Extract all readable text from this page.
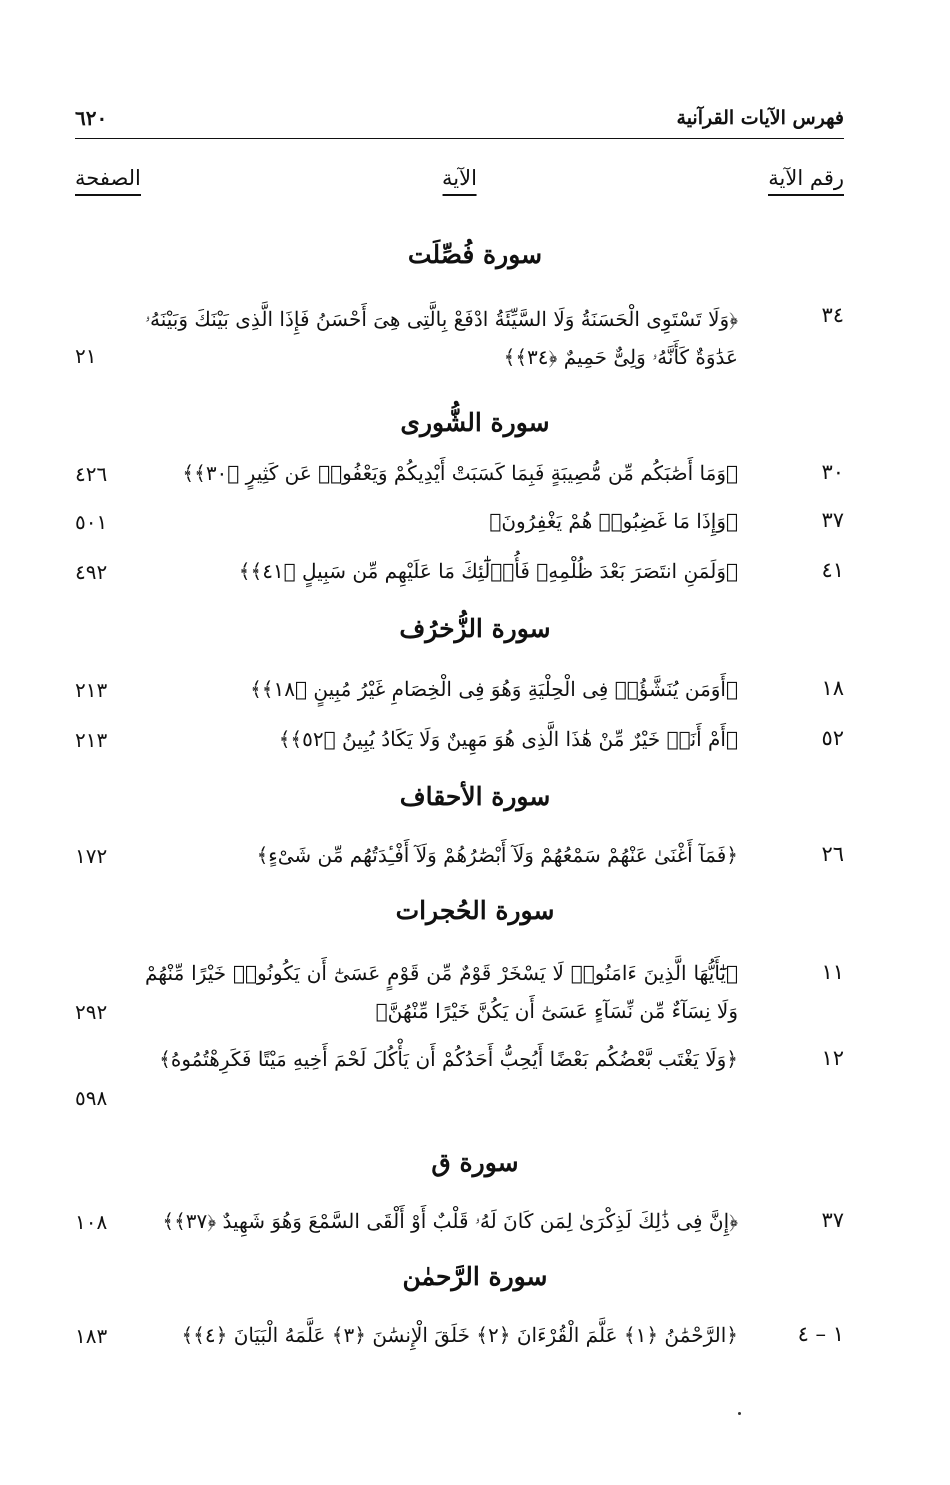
٦٢٠	فهرس الآيات القرآنية
رقم الآية
الآية
الصفحة
سورة فُصِّلَت
٣٤
﴿وَلَا تَسْتَوِى الْحَسَنَةُ وَلَا السَّيِّئَةُ ادْفَعْ بِالَّتِى هِىَ أَحْسَنُ فَإِذَا الَّذِى بَيْنَكَ وَبَيْنَهُۥ عَدَٰوَةٌ كَأَنَّهُۥ وَلِىٌّ حَمِيمٌ ﴿٣٤﴾﴾
٢١
سورة الشُّورى
٣٠
﴿وَمَا أَصَٰبَكُم مِّن مُّصِيبَةٍ فَبِمَا كَسَبَتْ أَيْدِيكُمْ وَيَعْفُوا۟ عَن كَثِيرٍ ﴿٣٠﴾﴾
٤٢٦
٣٧
﴿وَإِذَا مَا غَضِبُوا۟ هُمْ يَغْفِرُونَ﴾
٥٠١
٤١
﴿وَلَمَنِ انتَصَرَ بَعْدَ ظُلْمِهِۦ فَأُو۟لَٰٓئِكَ مَا عَلَيْهِم مِّن سَبِيلٍ ﴿٤١﴾﴾
٤٩٢
سورة الزُّخرُف
١٨
﴿أَوَمَن يُنَشَّؤُا۟ فِى الْحِلْيَةِ وَهُوَ فِى الْخِصَامِ غَيْرُ مُبِينٍ ﴿١٨﴾﴾
٢١٣
٥٢
﴿أَمْ أَنَا۠ خَيْرٌ مِّنْ هَٰذَا الَّذِى هُوَ مَهِينٌ وَلَا يَكَادُ يُبِينُ ﴿٥٢﴾﴾
٢١٣
سورة الأحقاف
٢٦
﴿فَمَآ أَغْنَىٰ عَنْهُمْ سَمْعُهُمْ وَلَآ أَبْصَٰرُهُمْ وَلَآ أَفْـِٔدَتُهُم مِّن شَىْءٍ﴾
١٧٢
سورة الحُجرات
١١
﴿يَٰٓأَيُّهَا الَّذِينَ ءَامَنُوا۟ لَا يَسْخَرْ قَوْمٌ مِّن قَوْمٍ عَسَىٰٓ أَن يَكُونُوا۟ خَيْرًا مِّنْهُمْ وَلَا نِسَآءٌ مِّن نِّسَآءٍ عَسَىٰٓ أَن يَكُنَّ خَيْرًا مِّنْهُنَّ﴾
٢٩٢
١٢
﴿وَلَا يَغْتَب بَّعْضُكُم بَعْضًا أَيُحِبُّ أَحَدُكُمْ أَن يَأْكُلَ لَحْمَ أَخِيهِ مَيْتًا فَكَرِهْتُمُوهُ﴾
٥٩٨
سورة ق
٣٧
﴿إِنَّ فِى ذَٰلِكَ لَذِكْرَىٰ لِمَن كَانَ لَهُۥ قَلْبٌ أَوْ أَلْقَى السَّمْعَ وَهُوَ شَهِيدٌ ﴿٣٧﴾﴾
١٠٨
سورة الرَّحمٰن
١ – ٤
﴿الرَّحْمَٰنُ ﴿١﴾ عَلَّمَ الْقُرْءَانَ ﴿٢﴾ خَلَقَ الْإِنسَٰنَ ﴿٣﴾ عَلَّمَهُ الْبَيَانَ ﴿٤﴾﴾
١٨٣
